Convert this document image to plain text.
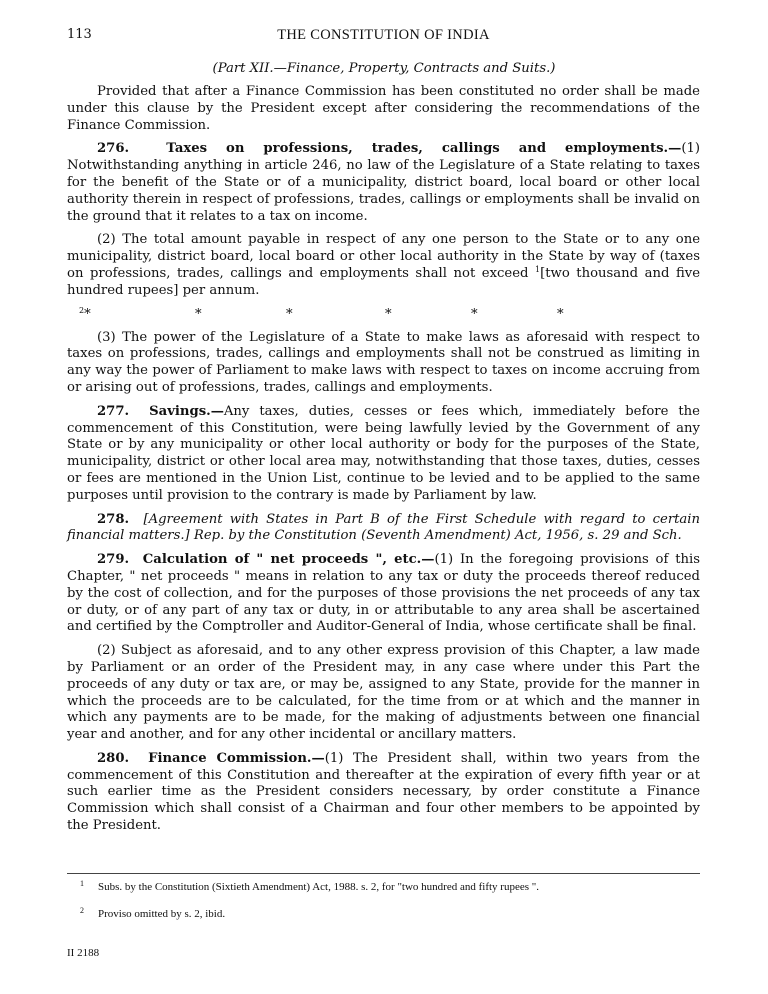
113	THE CONSTITUTION OF INDIA
(Part XII.—Finance, Property, Contracts and Suits.)

Provided that after a Finance Commission has been constituted no order shall be made under this clause by the President except after considering the recommendations of the Finance Commission.

276.	Taxes on professions, trades, callings and employments.—(1) Notwithstanding anything in article 246, no law of the Legislature of a State relating to taxes for the benefit of the State or of a municipality, district board, local board or other local authority therein in respect of professions, trades, callings or employments shall be invalid on the ground that it relates to a tax on income.

(2) The total amount payable in respect of any one person to the State or to any one municipality, district board, local board or other local authority in the State by way of (taxes on professions, trades, callings and employments shall not exceed $^1$[two thousand and five hundred rupees] per annum.

$^2$ *	*	*	*	*	*

(3) The power of the Legislature of a State to make laws as aforesaid with respect to taxes on professions, trades, callings and employments shall not be construed as limiting in any way the power of Parliament to make laws with respect to taxes on income accruing from or arising out of professions, trades, callings and employments.

277. Savings.—Any taxes, duties, cesses or fees which, immediately before the commencement of this Constitution, were being lawfully levied by the Government of any State or by any municipality or other local authority or body for the purposes of the State, municipality, district or other local area may, notwithstanding that those taxes, duties, cesses or fees are mentioned in the Union List, continue to be levied and to be applied to the same purposes until provision to the contrary is made by Parliament by law.

278. [Agreement with States in Part B of the First Schedule with regard to certain financial matters.] Rep. by the Constitution (Seventh Amendment) Act, 1956, s. 29 and Sch.

279. Calculation of " net proceeds ", etc.—(1) In the foregoing provisions of this Chapter, " net proceeds " means in relation to any tax or duty the proceeds thereof reduced by the cost of collection, and for the purposes of those provisions the net proceeds of any tax or duty, or of any part of any tax or duty, in or attributable to any area shall be ascertained and certified by the Comptroller and Auditor-General of India, whose certificate shall be final.

(2) Subject as aforesaid, and to any other express provision of this Chapter, a law made by Parliament or an order of the President may, in any case where under this Part the proceeds of any duty or tax are, or may be, assigned to any State, provide for the manner in which the proceeds are to be calculated, for the time from or at which and the manner in which any payments are to be made, for the making of adjustments between one financial year and another, and for any other incidental or ancillary matters.

280. Finance Commission.—(1) The President shall, within two years from the commencement of this Constitution and thereafter at the expiration of every fifth year or at such earlier time as the President considers necessary, by order constitute a Finance Commission which shall consist of a Chairman and four other members to be appointed by the President.

1 Subs. by the Constitution (Sixtieth Amendment) Act, 1988. s. 2, for "two hundred and fifty rupees ".
2 Proviso omitted by s. 2, ibid.
II 2188
